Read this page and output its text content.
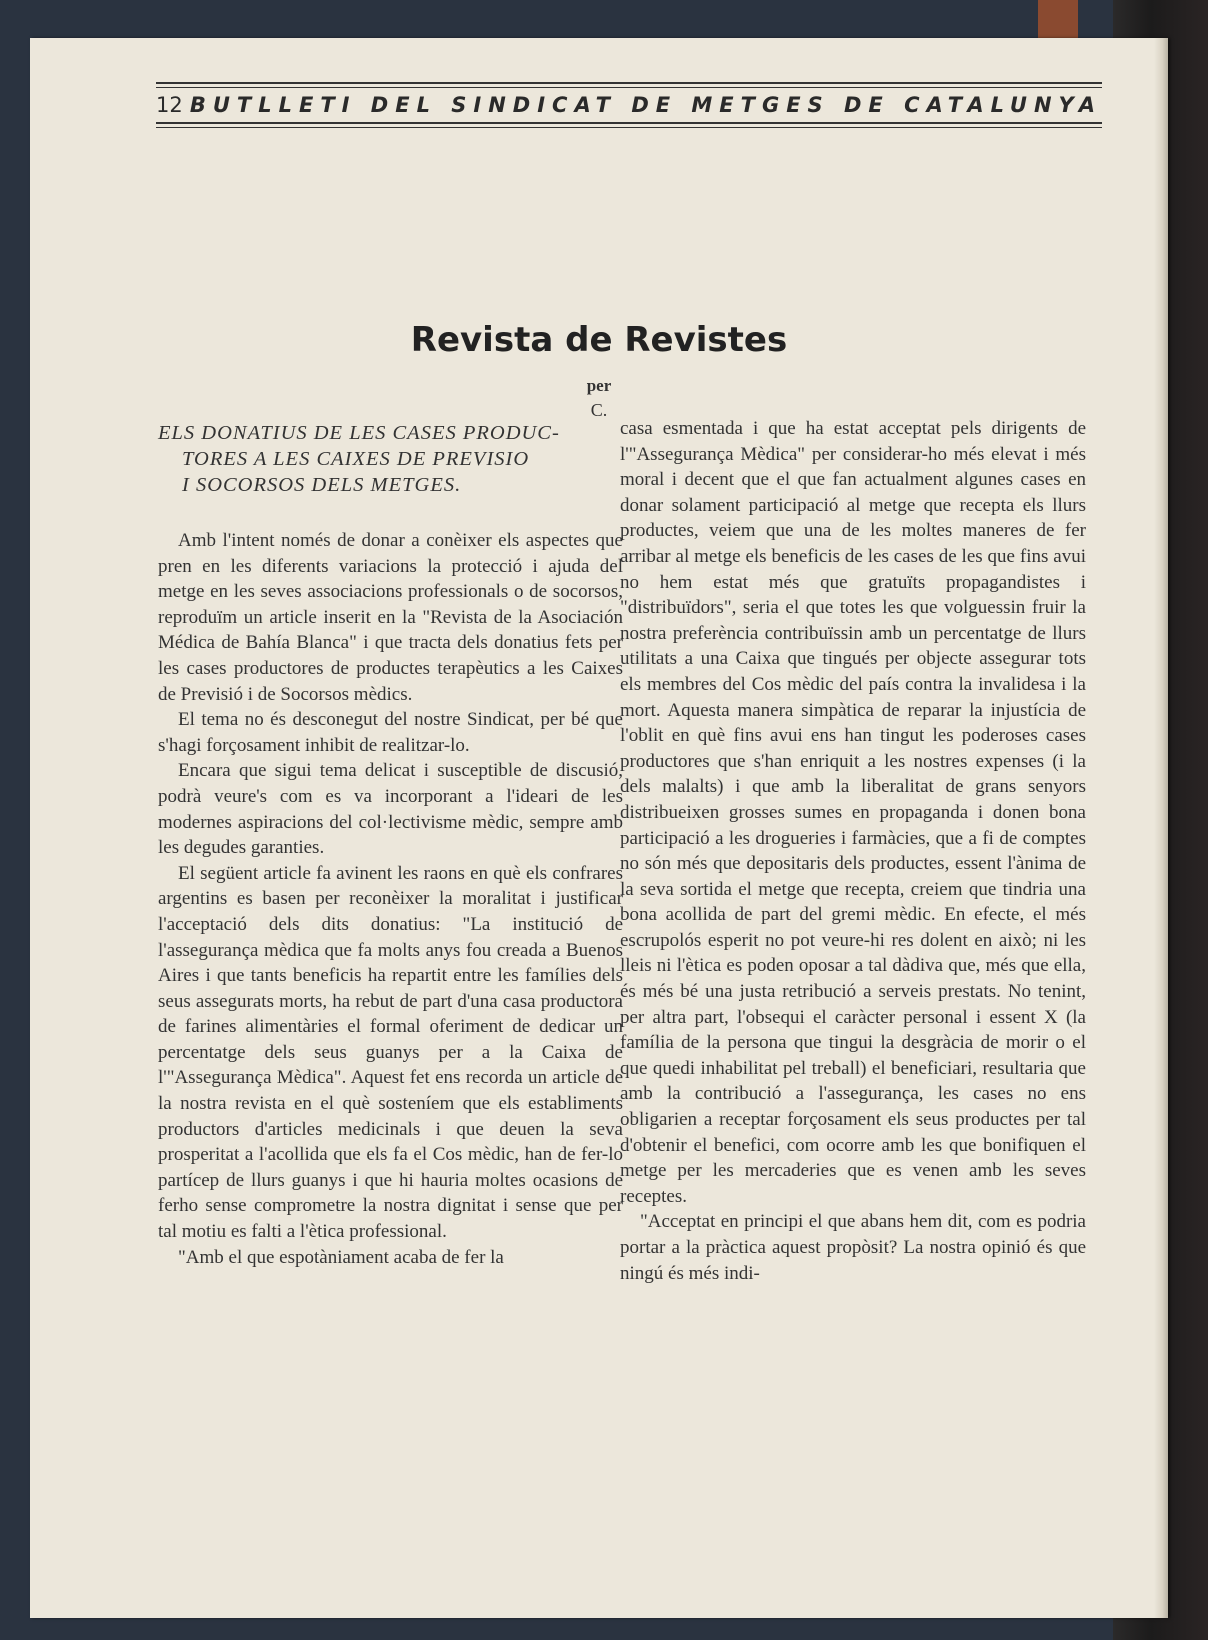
Revista de Revistes
per
C.
12 BUTLLETI DEL SINDICAT DE METGES DE CATALUNYA
ELS DONATIUS DE LES CASES PRODUC-
TORES A LES CAIXES DE PREVISIO
I SOCORSOS DELS METGES.

Amb l'intent només de donar a conèixer els aspectes que pren en les diferents variacions la protecció i ajuda del metge en les seves associacions professionals o de socorsos, reproduïm un article inserit en la "Revista de la Asociación Médica de Bahía Blanca" i que tracta dels donatius fets per les cases productores de productes terapèutics a les Caixes de Previsió i de Socorsos mèdics.

El tema no és desconegut del nostre Sindicat, per bé que s'hagi forçosament inhibit de realitzar-lo.

Encara que sigui tema delicat i susceptible de discusió, podrà veure's com es va incorporant a l'ideari de les modernes aspiracions del col·lectivisme mèdic, sempre amb les degudes garanties.

El següent article fa avinent les raons en què els confrares argentins es basen per reconèixer la moralitat i justificar l'acceptació dels dits donatius: "La institució de l'assegurança mèdica que fa molts anys fou creada a Buenos Aires i que tants beneficis ha repartit entre les famílies dels seus assegurats morts, ha rebut de part d'una casa productora de farines alimentàries el formal oferiment de dedicar un percentatge dels seus guanys per a la Caixa de l'"Assegurança Mèdica". Aquest fet ens recorda un article de la nostra revista en el què sosteníem que els establiments productors d'articles medicinals i que deuen la seva prosperitat a l'acollida que els fa el Cos mèdic, han de fer-lo partícep de llurs guanys i que hi hauria moltes ocasions de ferho sense comprometre la nostra dignitat i sense que per tal motiu es falti a l'ètica professional.

"Amb el que espotàniament acaba de fer la

casa esmentada i que ha estat acceptat pels dirigents de l'"Assegurança Mèdica" per considerar-ho més elevat i més moral i decent que el que fan actualment algunes cases en donar solament participació al metge que recepta els llurs productes, veiem que una de les moltes maneres de fer arribar al metge els beneficis de les cases de les que fins avui no hem estat més que gratuïts propagandistes i "distribuïdors", seria el que totes les que volguessin fruir la nostra preferència contribuïssin amb un percentatge de llurs utilitats a una Caixa que tingués per objecte assegurar tots els membres del Cos mèdic del país contra la invalidesa i la mort. Aquesta manera simpàtica de reparar la injustícia de l'oblit en què fins avui ens han tingut les poderoses cases productores que s'han enriquit a les nostres expenses (i la dels malalts) i que amb la liberalitat de grans senyors distribueixen grosses sumes en propaganda i donen bona participació a les drogueries i farmàcies, que a fi de comptes no són més que depositaris dels productes, essent l'ànima de la seva sortida el metge que recepta, creiem que tindria una bona acollida de part del gremi mèdic. En efecte, el més escrupolós esperit no pot veure-hi res dolent en això; ni les lleis ni l'ètica es poden oposar a tal dàdiva que, més que ella, és més bé una justa retribució a serveis prestats. No tenint, per altra part, l'obsequi el caràcter personal i essent X (la família de la persona que tingui la desgràcia de morir o el que quedi inhabilitat pel treball) el beneficiari, resultaria que amb la contribució a l'assegurança, les cases no ens obligarien a receptar forçosament els seus productes per tal d'obtenir el benefici, com ocorre amb les que bonifiquen el metge per les mercaderies que es venen amb les seves receptes.

"Acceptat en principi el que abans hem dit, com es podria portar a la pràctica aquest propòsit? La nostra opinió és que ningú és més indi-
